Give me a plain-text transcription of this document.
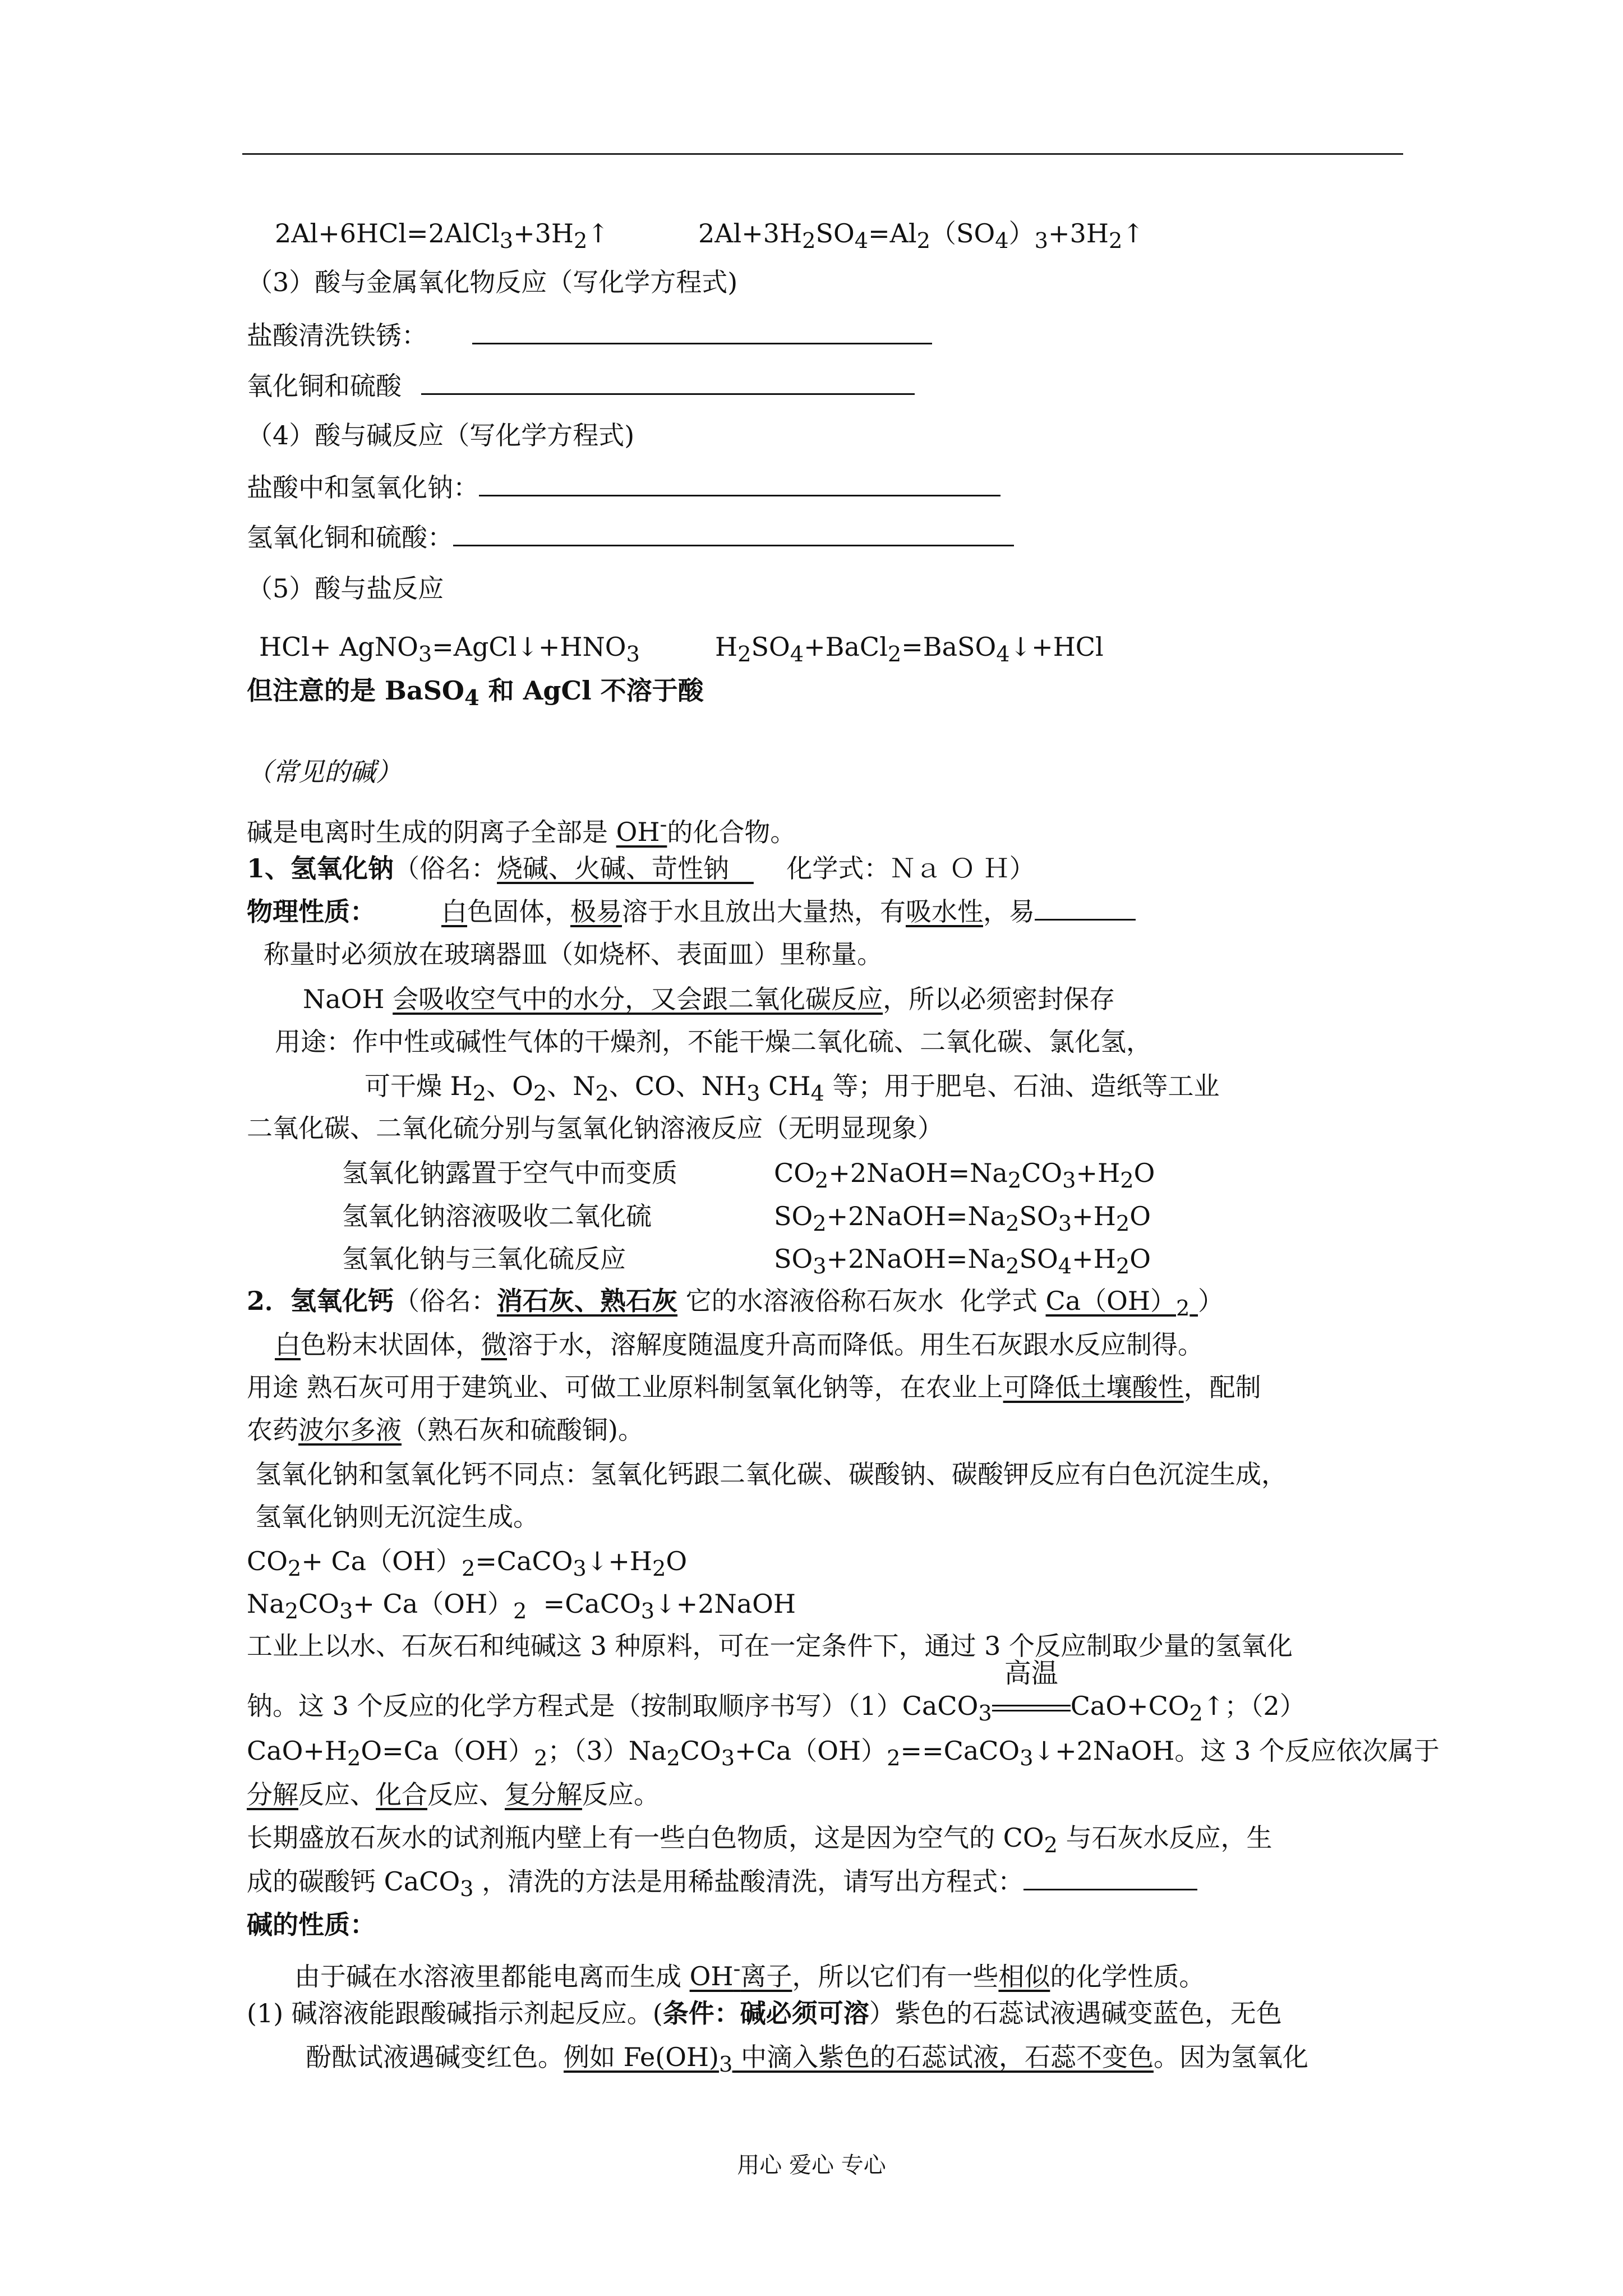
$2Al+6HCl=2AlCl_3+3H_2↑$	$2Al+3H_2SO_4=Al_2(SO_4)_3+3H_2↑$
（3）酸与金属氧化物反应（写化学方程式)
盐酸清洗铁锈：
氧化铜和硫酸
（4）酸与碱反应（写化学方程式)
盐酸中和氢氧化钠：
氢氧化铜和硫酸：
（5）酸与盐反应
$HCl+ AgNO_3=AgCl↓+HNO_3$	$H_2SO_4+BaCl_2=BaSO_4↓+HCl$
但注意的是 BaSO$_4$ 和 AgCl 不溶于酸
（常见的碱）
碱是电离时生成的阴离子全部是 OH-的化合物。
1、氢氧化钠（俗名：烧碱、火碱、苛性钠       化学式：Ｎａ Ｏ Ｈ）
物理性质：	白色固体，极易溶于水且放出大量热，有吸水性，易
称量时必须放在玻璃器皿（如烧杯、表面皿）里称量。
NaOH 会吸收空气中的水分，又会跟二氧化碳反应，所以必须密封保存
用途：作中性或碱性气体的干燥剂，不能干燥二氧化硫、二氧化碳、氯化氢，
可干燥 $H_2$、$O_2$、$N_2$、CO、$NH_3$ $CH_4$ 等；用于肥皂、石油、造纸等工业
二氧化碳、二氧化硫分别与氢氧化钠溶液反应（无明显现象）
氢氧化钠露置于空气中而变质	$CO_2+2NaOH=Na_2CO_3+H_2O$
氢氧化钠溶液吸收二氧化硫	$SO_2+2NaOH=Na_2SO_3+H_2O$
氢氧化钠与三氧化硫反应	$SO_3+2NaOH=Na_2SO_4+H_2O$
2．氢氧化钙（俗名：消石灰、熟石灰 它的水溶液俗称石灰水  化学式 $Ca(OH)_2$ ）
白色粉末状固体，微溶于水，溶解度随温度升高而降低。用生石灰跟水反应制得。
用途 熟石灰可用于建筑业、可做工业原料制氢氧化钠等，在农业上可降低土壤酸性，配制
农药波尔多液（熟石灰和硫酸铜)。
氢氧化钠和氢氧化钙不同点：氢氧化钙跟二氧化碳、碳酸钠、碳酸钾反应有白色沉淀生成，
氢氧化钠则无沉淀生成。
$CO_2+$ $Ca(OH)_2=CaCO_3↓+H_2O$
$Na_2CO_3+ Ca(OH)_2$  =CaCO$_3$↓+2NaOH
工业上以水、石灰石和纯碱这 3 种原料，可在一定条件下，通过 3 个反应制取少量的氢氧化
钠。这 3 个反应的化学方程式是（按制取顺序书写）（1）CaCO$_3$
高温
$CaO+CO_2↑$；（2）
$CaO+H_2O=Ca(OH)_2$；$(3)Na_2CO_3+Ca(OH)_2==CaCO_3↓+2NaOH$。这 3 个反应依次属于
分解反应、化合反应、复分解反应。
长期盛放石灰水的试剂瓶内壁上有一些白色物质，这是因为空气的 $CO_2$ 与石灰水反应，生
成的碳酸钙 CaCO$_3$ ，清洗的方法是用稀盐酸清洗，请写出方程式：
碱的性质：
由于碱在水溶液里都能电离而生成 OH-离子，所以它们有一些相似的化学性质。
(1) 碱溶液能跟酸碱指示剂起反应。(条件：碱必须可溶）紫色的石蕊试液遇碱变蓝色，无色
酚酞试液遇碱变红色。例如 $Fe(OH)_3$ 中滴入紫色的石蕊试液，石蕊不变色。因为氢氧化
用心 爱心 专心
